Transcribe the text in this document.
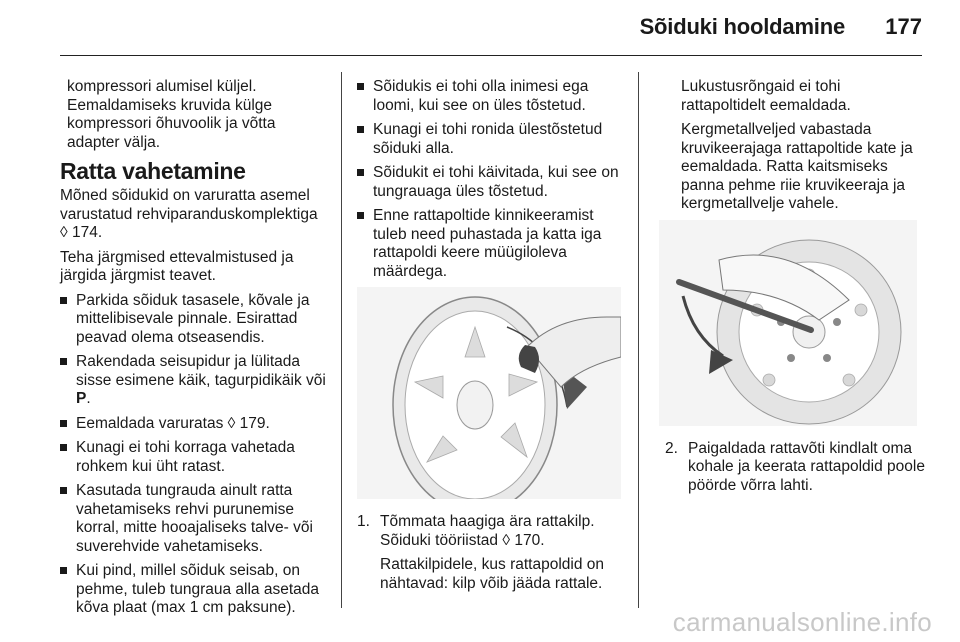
Sõiduki hooldamine 177

kompressori alumisel küljel. Eemaldamiseks kruvida külge kompressori õhuvoolik ja võtta adapter välja.

Ratta vahetamine

Mõned sõidukid on varuratta asemel varustatud rehviparanduskomplektiga ◊ 174.

Teha järgmised ettevalmistused ja järgida järgmist teavet.

Parkida sõiduk tasasele, kõvale ja mittelibisevale pinnale. Esirattad peavad olema otseasendis.
Rakendada seisupidur ja lülitada sisse esimene käik, tagurpidikäik või P.
Eemaldada varuratas ◊ 179.
Kunagi ei tohi korraga vahetada rohkem kui üht ratast.
Kasutada tungrauda ainult ratta vahetamiseks rehvi purunemise korral, mitte hooajaliseks talve- või suverehvide vahetamiseks.
Kui pind, millel sõiduk seisab, on pehme, tuleb tungraua alla asetada kõva plaat (max 1 cm paksune).
Sõidukis ei tohi olla inimesi ega loomi, kui see on üles tõstetud.
Kunagi ei tohi ronida ülestõstetud sõiduki alla.
Sõidukit ei tohi käivitada, kui see on tungrauaga üles tõstetud.
Enne rattapoltide kinnikeeramist tuleb need puhastada ja katta iga rattapoldi keere müügiloleva määrdega.
1. Tõmmata haagiga ära rattakilp. Sõiduki tööriistad ◊ 170.

Rattakilpidele, kus rattapoldid on nähtavad: kilp võib jääda rattale.

Lukustusrõngaid ei tohi rattapoltidelt eemaldada.

Kergmetallveljed vabastada kruvikeerajaga rattapoltide kate ja eemaldada. Ratta kaitsmiseks panna pehme riie kruvikeeraja ja kergmetallvelje vahele.

2. Paigaldada rattavõti kindlalt oma kohale ja keerata rattapoldid poole pöörde võrra lahti.
carmanualsonline.info
